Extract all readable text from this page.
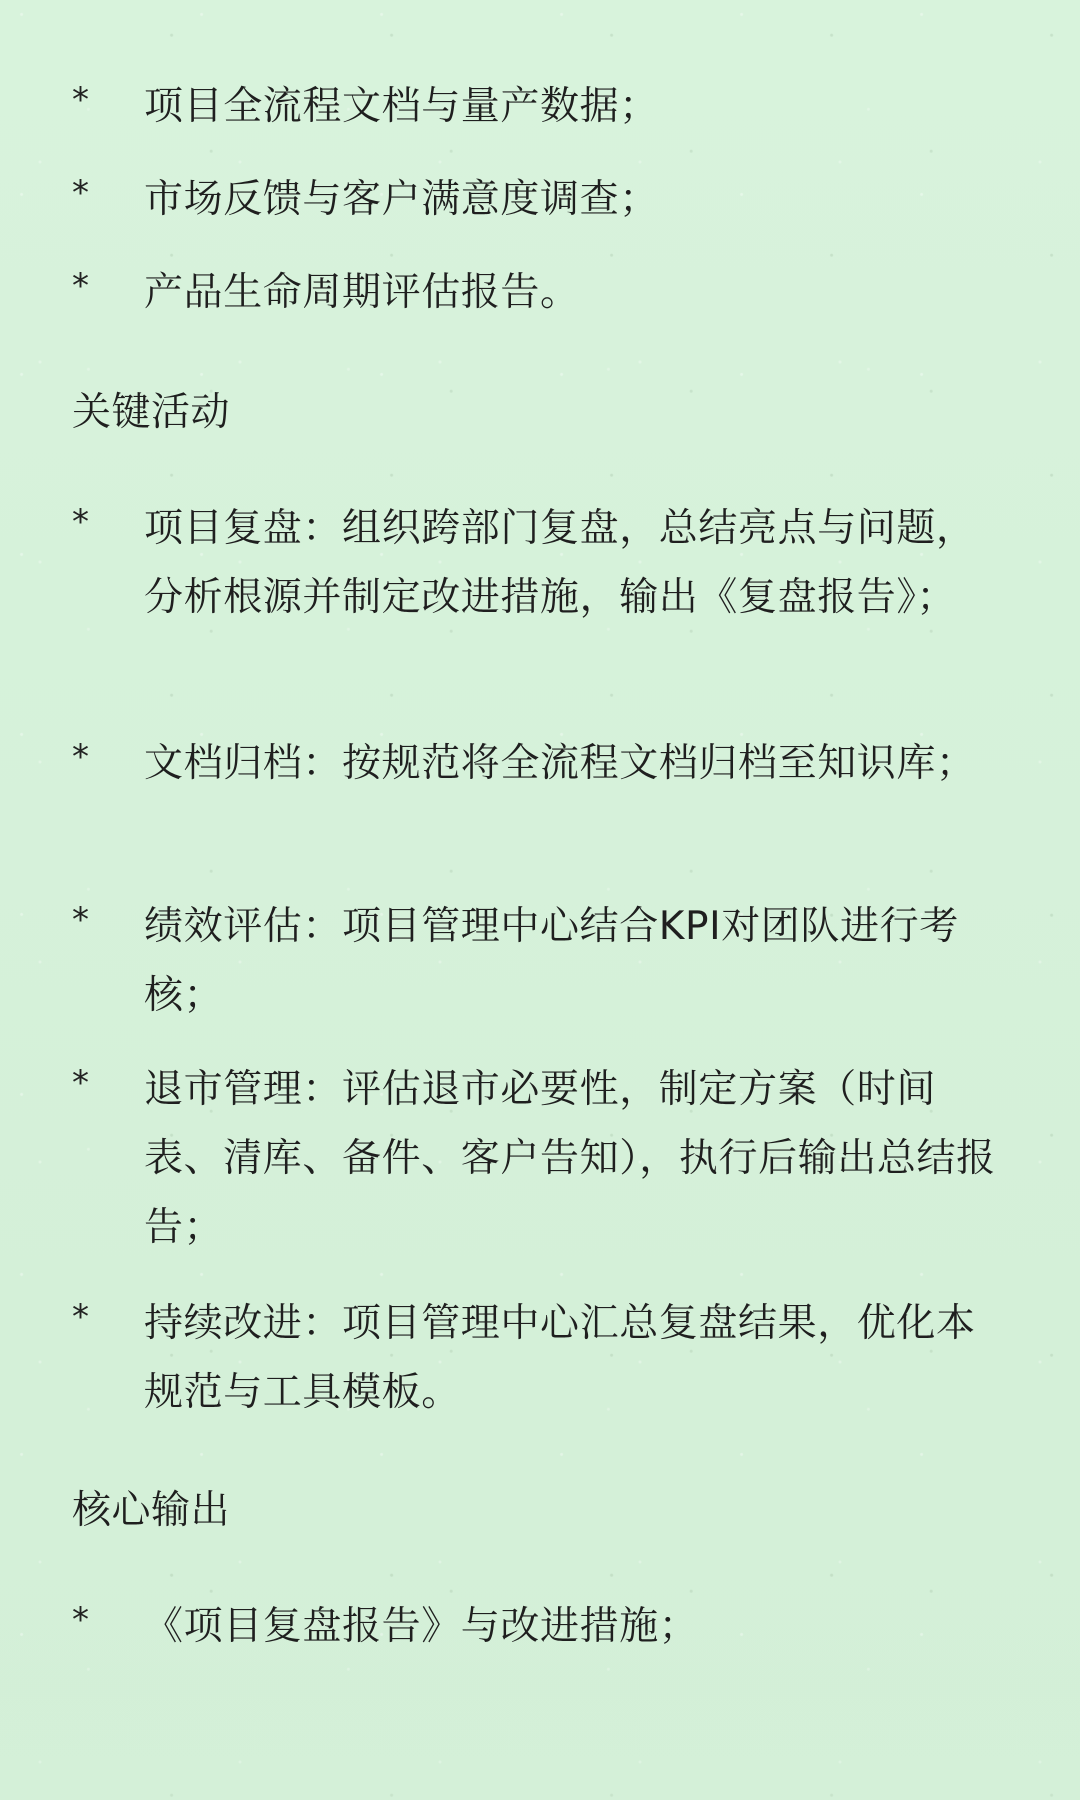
*	项目全流程文档与量产数据；
*	市场反馈与客户满意度调查；
*	产品生命周期评估报告。
关键活动
*	项目复盘：组织跨部门复盘，总结亮点与问题，分析根源并制定改进措施，输出《复盘报告》；
*	文档归档：按规范将全流程文档归档至知识库；
*	绩效评估：项目管理中心结合KPI对团队进行考核；
*	退市管理：评估退市必要性，制定方案（时间表、清库、备件、客户告知），执行后输出总结报告；
*	持续改进：项目管理中心汇总复盘结果，优化本规范与工具模板。
核心输出
*	《项目复盘报告》与改进措施；
